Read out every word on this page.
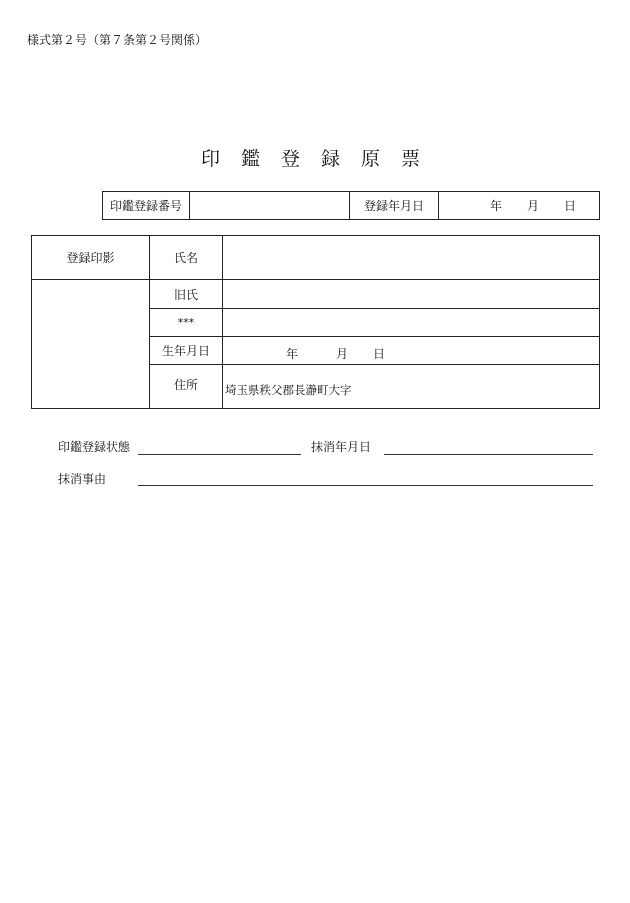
様式第２号（第７条第２号関係）
印鑑登録原票
印鑑登録番号	登録年月日	年 月 日
登録印影	氏名
旧氏
***
生年月日	年	月 日
住所	埼玉県秩父郡長瀞町大字
印鑑登録状態	抹消年月日
抹消事由
